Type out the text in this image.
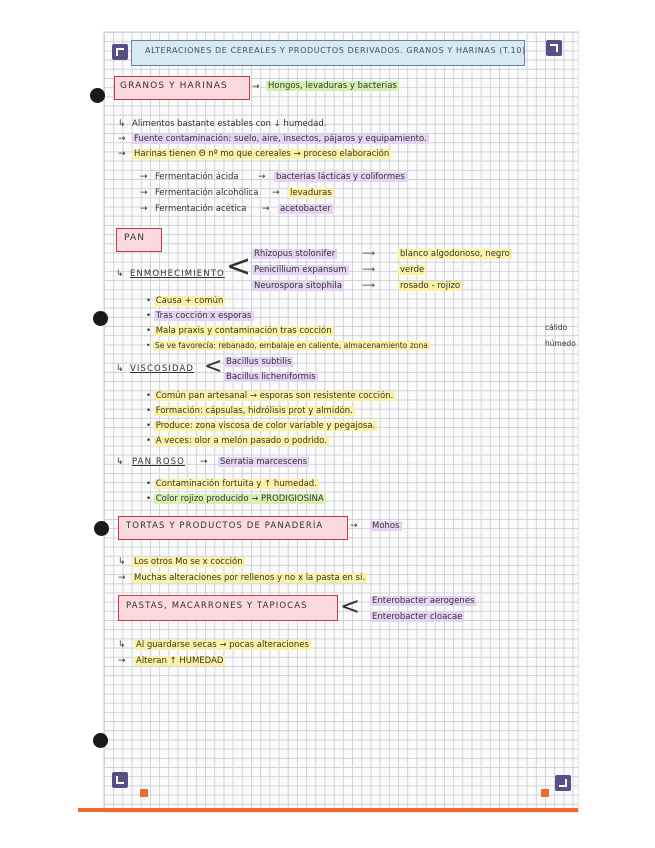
ALTERACIONES DE CEREALES Y PRODUCTOS DERIVADOS. GRANOS Y HARINAS (T.10)
GRANOS Y HARINAS	→ Hongos, levaduras y bacterias
↳ Alimentos bastante estables con ↓ humedad.
→ Fuente contaminación: suelo, aire, insectos, pájaros y equipamiento.
→ Harinas tienen Θ nº mo que cereales → proceso elaboración
→ Fermentación ácida → bacterias lácticas y coliformes
→ Fermentación alcohólica → levaduras
→ Fermentación acética → acetobacter
PAN
↳ ENMOHECIMIENTO < Rhizopus stolonifer	⟶	blanco algodonoso, negro
Penicillium expansum ⟶	verde
Neurospora sitophila ⟶	rosado - rojizo
• Causa + común
• Tras cocción x esporas
• Mala praxis y contaminación tras cocción
• Se ve favorecía: rebanado, embalaje en caliente, almacenamiento zona
cálido
húmedo
↳ VISCOSIDAD < Bacillus subtilis
Bacillus licheniformis
• Común pan artesanal → esporas son resistente cocción.
• Formación: cápsulas, hidrólisis prot y almidón.
• Produce: zona viscosa de color variable y pegajosa.
• A veces: olor a melón pasado o podrido.
↳ PAN ROSO → Serratia marcescens
• Contaminación fortuita y ↑ humedad.
• Color rojizo producido → PRODIGIOSINA
TORTAS Y PRODUCTOS DE PANADERÍA	→ Mohos
↳ Los otros Mo se x cocción
→ Muchas alteraciones por rellenos y no x la pasta en sí.
PASTAS, MACARRONES Y TAPIOCAS < Enterobacter aerogenes
Enterobacter cloacae
↳ Al guardarse secas → pocas alteraciones
→ Alteran ↑ HUMEDAD
